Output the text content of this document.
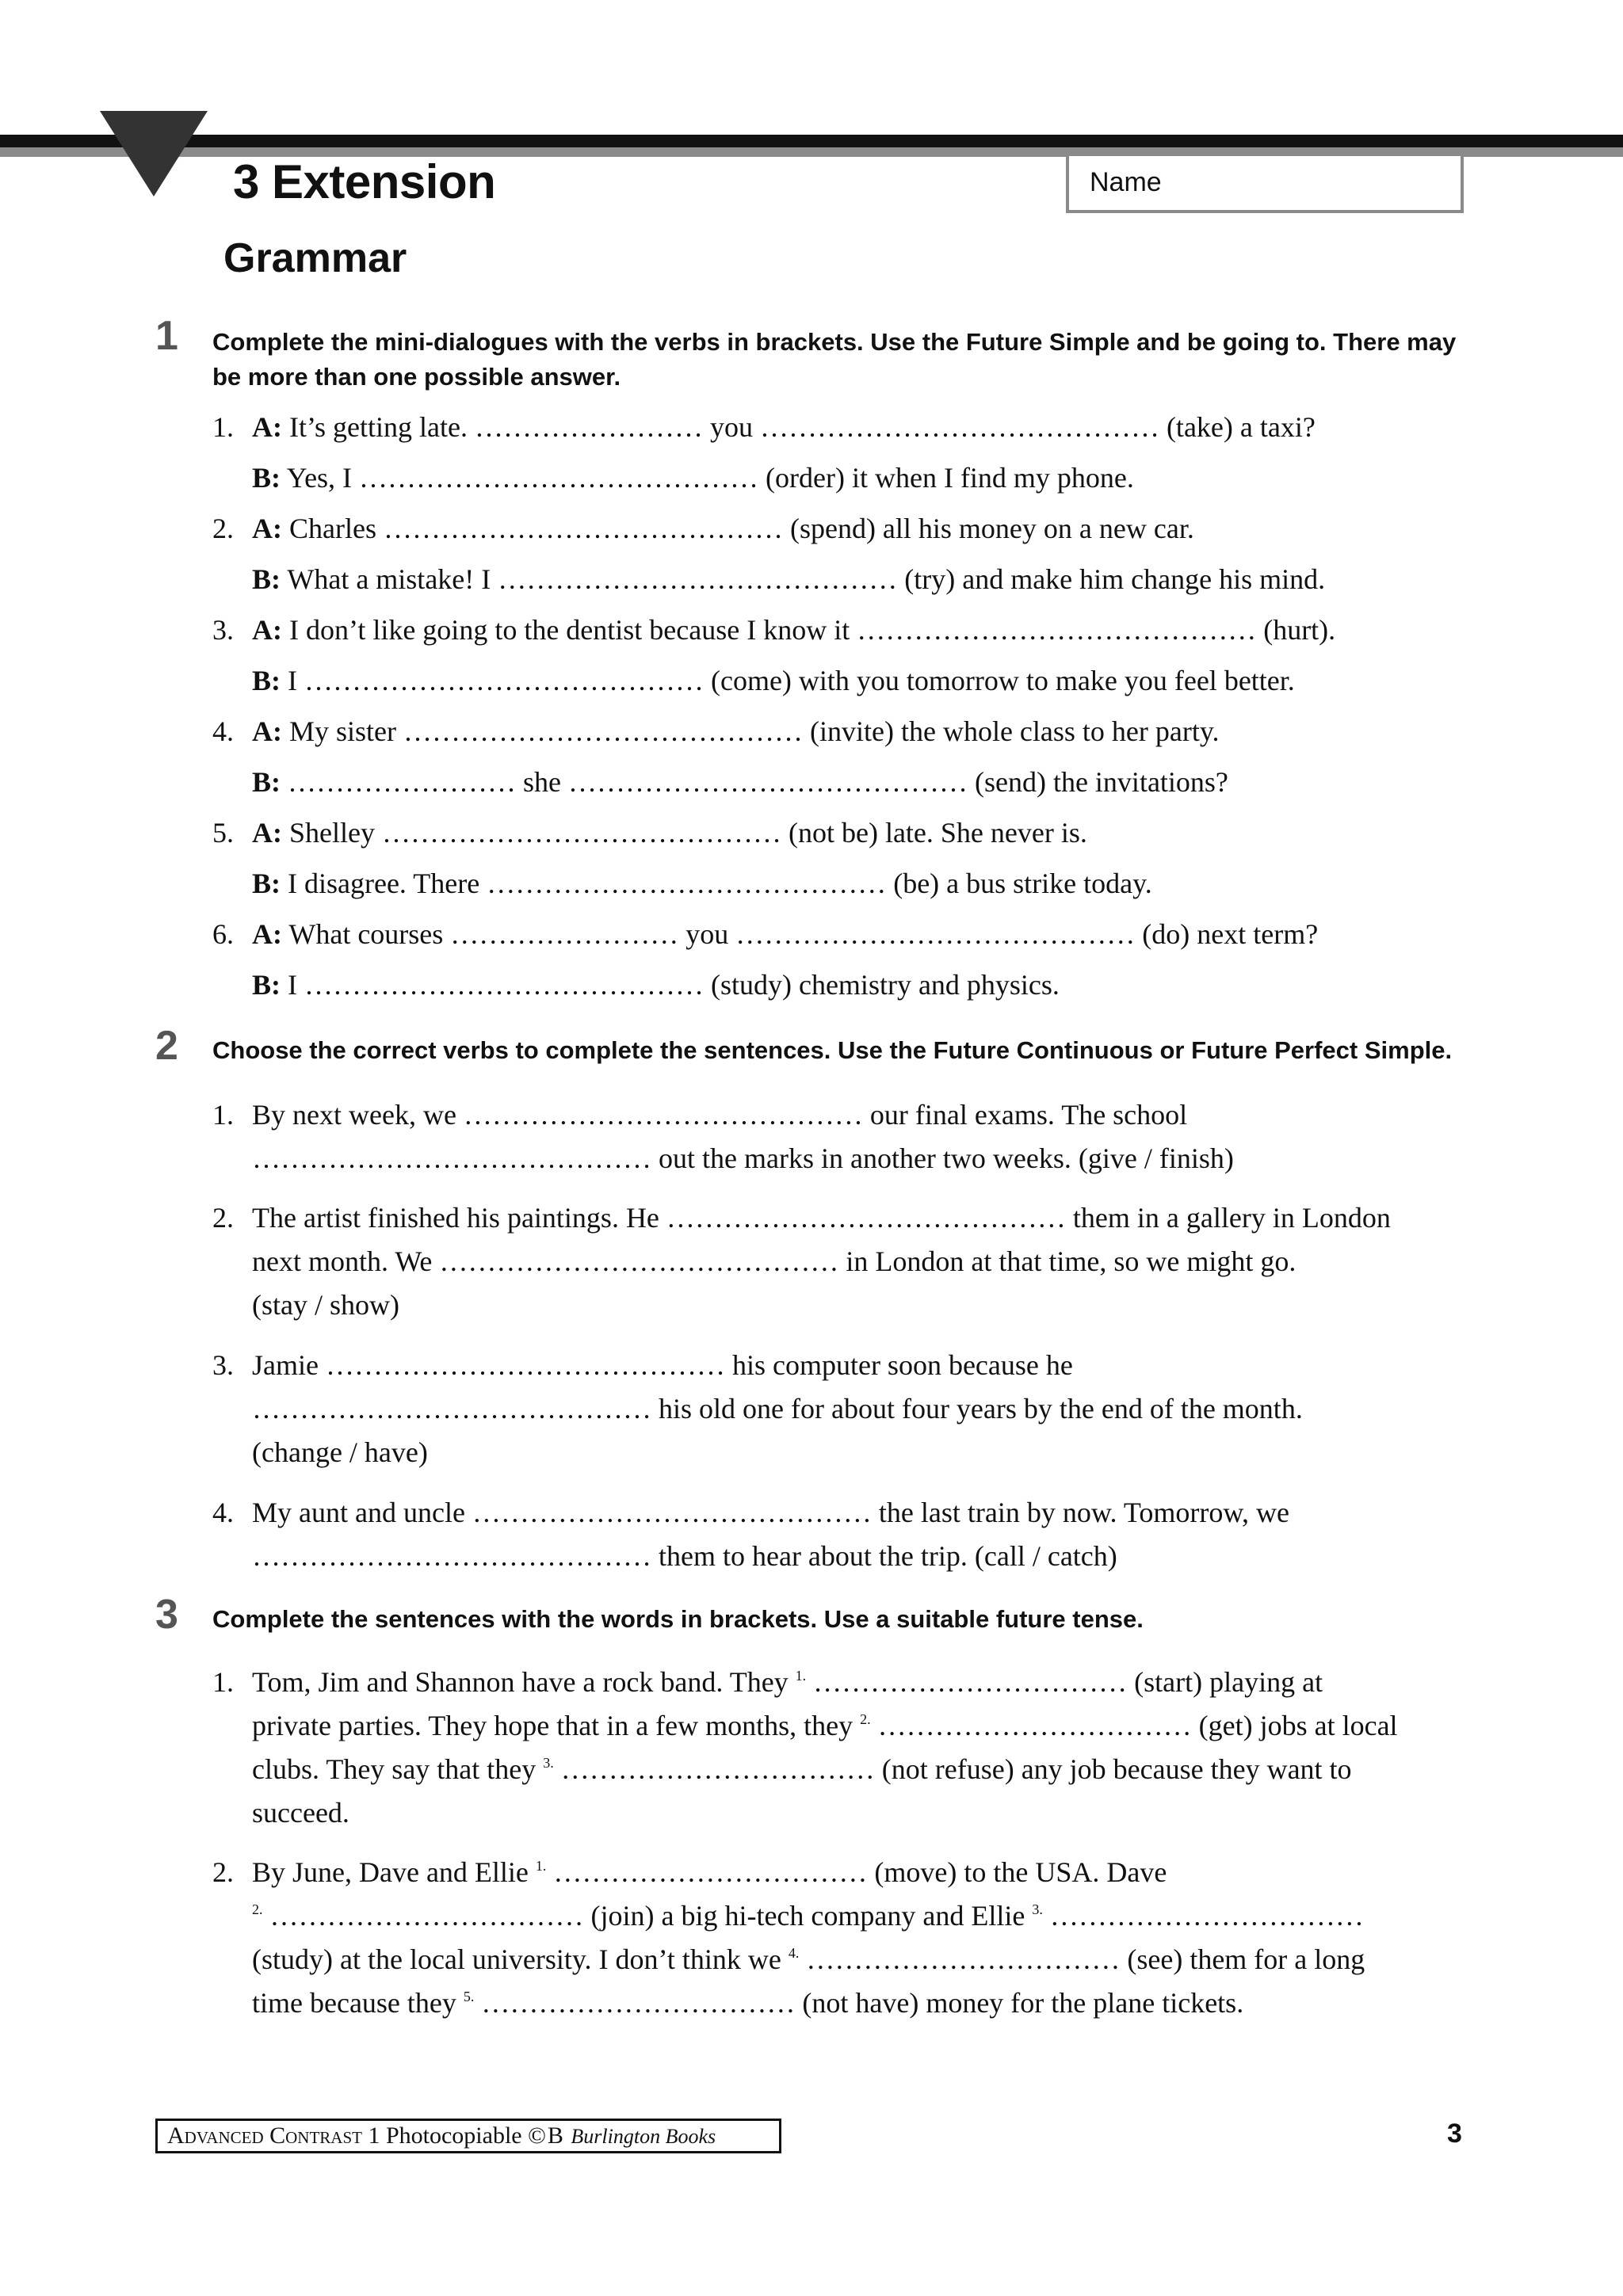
3 Extension	Name
Grammar
1 Complete the mini-dialogues with the verbs in brackets. Use the Future Simple and be going to. There may
be more than one possible answer.
1. A: It’s getting late. …………………… you …………………………………… (take) a taxi?
B: Yes, I …………………………………… (order) it when I find my phone.
2. A: Charles …………………………………… (spend) all his money on a new car.
B: What a mistake! I …………………………………… (try) and make him change his mind.
3. A: I don’t like going to the dentist because I know it …………………………………… (hurt).
B: I …………………………………… (come) with you tomorrow to make you feel better.
4. A: My sister …………………………………… (invite) the whole class to her party.
B: …………………… she …………………………………… (send) the invitations?
5. A: Shelley …………………………………… (not be) late. She never is.
B: I disagree. There …………………………………… (be) a bus strike today.
6. A: What courses …………………… you …………………………………… (do) next term?
B: I …………………………………… (study) chemistry and physics.
2 Choose the correct verbs to complete the sentences. Use the Future Continuous or Future Perfect Simple.
1. By next week, we …………………………………… our final exams. The school
…………………………………… out the marks in another two weeks. (give / finish)
2. The artist finished his paintings. He …………………………………… them in a gallery in London
next month. We …………………………………… in London at that time, so we might go.
(stay / show)
3. Jamie …………………………………… his computer soon because he
…………………………………… his old one for about four years by the end of the month.
(change / have)
4. My aunt and uncle …………………………………… the last train by now. Tomorrow, we
…………………………………… them to hear about the trip. (call / catch)
3 Complete the sentences with the words in brackets. Use a suitable future tense.
1. Tom, Jim and Shannon have a rock band. They $^{1.}$ …………………………… (start) playing at
private parties. They hope that in a few months, they $^{2.}$ …………………………… (get) jobs at local
clubs. They say that they $^{3.}$ …………………………… (not refuse) any job because they want to
succeed.
2. By June, Dave and Ellie $^{1.}$ …………………………… (move) to the USA. Dave
$^{2.}$ …………………………… (join) a big hi-tech company and Ellie $^{3.}$ ……………………………
(study) at the local university. I don’t think we $^{4.}$ …………………………… (see) them for a long
time because they $^{5.}$ …………………………… (not have) money for the plane tickets.
Advanced Contrast 1 Photocopiable ©B Burlington Books	3
